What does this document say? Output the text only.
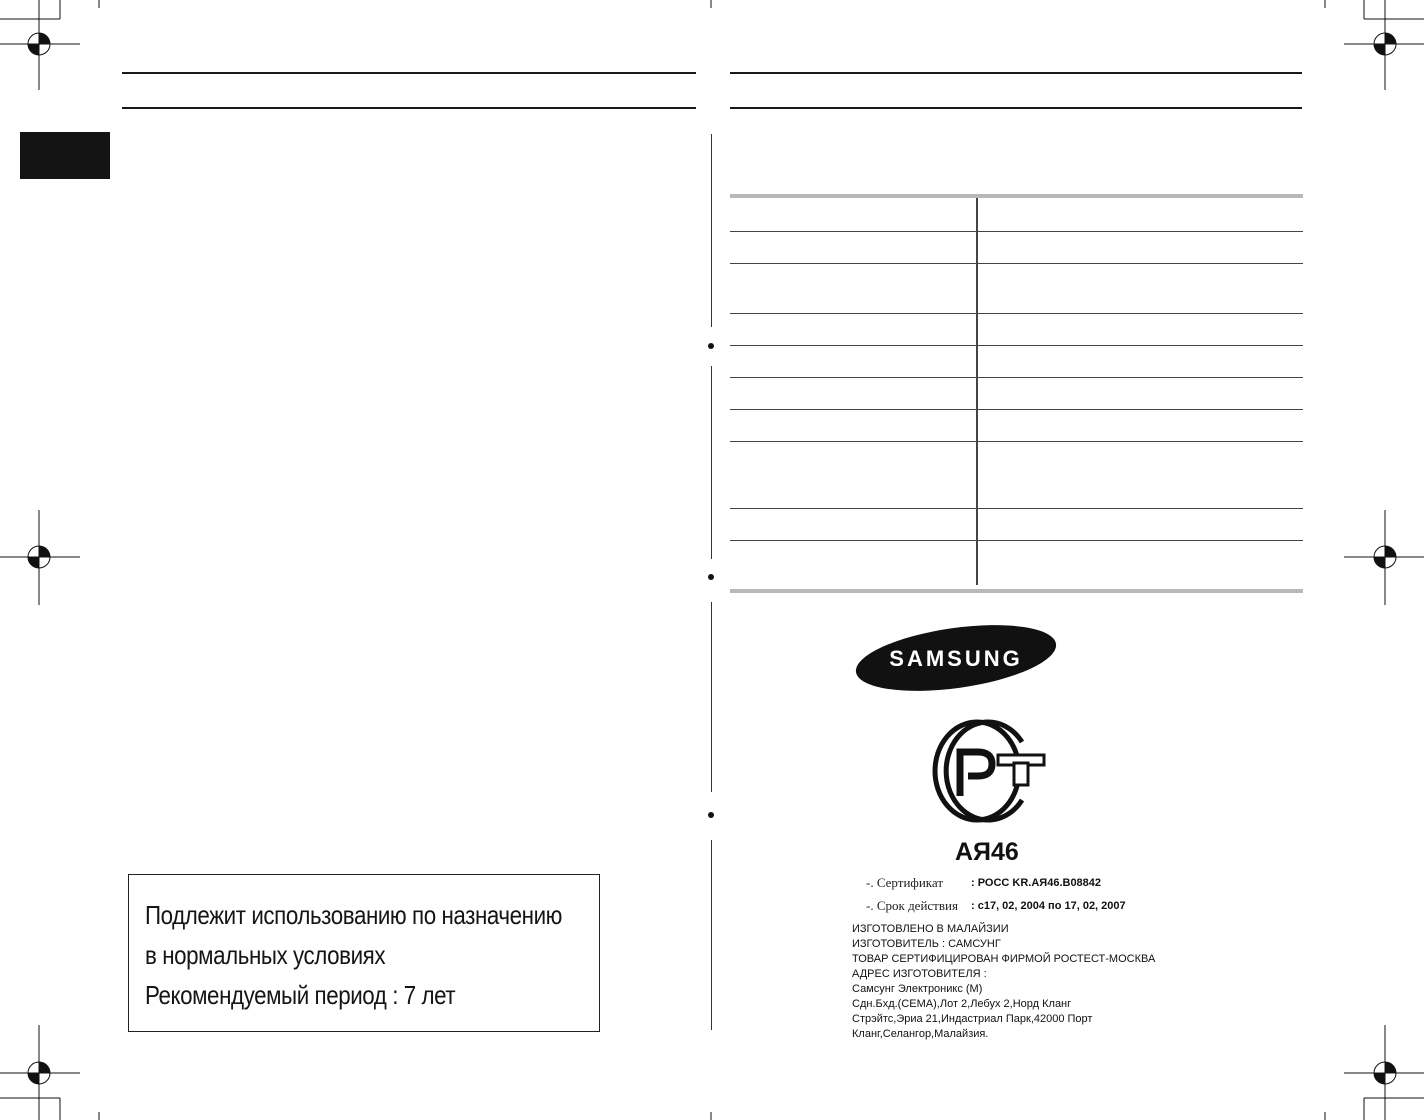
SAMSUNG
АЯ46
-. Сертификат	: РОСС KR.АЯ46.В08842
-. Срок действия : с17, 02, 2004 по 17, 02, 2007
ИЗГОТОВЛЕНО В МАЛАЙЗИИ
ИЗГОТОВИТЕЛЬ : САМСУНГ
ТОВАР СЕРТИФИЦИРОВАН ФИРМОЙ РОСТЕСТ-МОСКВА
АДРЕС ИЗГОТОВИТЕЛЯ :
Самсунг Электроникс (М)
Сдн.Бхд.(СЕМА),Лот 2,Лебух 2,Норд Кланг
Стрэйтс,Эриа 21,Индастриал Парк,42000 Порт
Кланг,Селангор,Малайзия.
Подлежит использованию по назначению
в нормальных условиях
Рекомендуемый период : 7 лет
